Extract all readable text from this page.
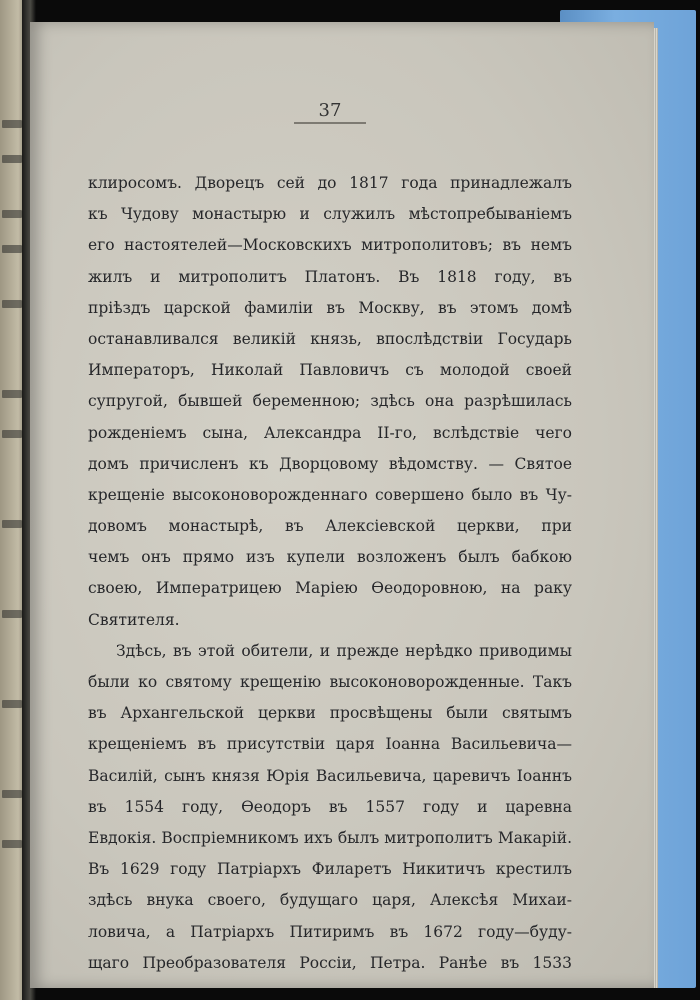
37
клиросомъ. Дворецъ сей до 1817 года принадлежалъ
къ Чудову монастырю и служилъ мѣстопребываніемъ
его настоятелей—Московскихъ митрополитовъ; въ немъ
жилъ и митрополитъ Платонъ. Въ 1818 году, въ
пріѣздъ царской фамиліи въ Москву, въ этомъ домѣ
останавливался великій князь, впослѣдствіи Государь
Императоръ, Николай Павловичъ съ молодой своей
супругой, бывшей беременною; здѣсь она разрѣшилась
рожденіемъ сына, Александра II-го, вслѣдствіе чего
домъ причисленъ къ Дворцовому вѣдомству. — Святое
крещеніе высоконоворожденнаго совершено было въ Чу-
довомъ монастырѣ, въ Алексіевской церкви, при
чемъ онъ прямо изъ купели возложенъ былъ бабкою
своею, Императрицею Маріею Ѳеодоровною, на раку
Святителя.
Здѣсь, въ этой обители, и прежде нерѣдко приводимы
были ко святому крещенію высоконоворожденные. Такъ
въ Архангельской церкви просвѣщены были святымъ
крещеніемъ въ присутствіи царя Іоанна Васильевича—
Василій, сынъ князя Юрія Васильевича, царевичъ Іоаннъ
въ 1554 году, Ѳеодоръ въ 1557 году и царевна
Евдокія. Воспріемникомъ ихъ былъ митрополитъ Макарій.
Въ 1629 году Патріархъ Филаретъ Никитичъ крестилъ
здѣсь внука своего, будущаго царя, Алексѣя Михаи-
ловича, а Патріархъ Питиримъ въ 1672 году—буду-
щаго Преобразователя Россіи, Петра. Ранѣе въ 1533
